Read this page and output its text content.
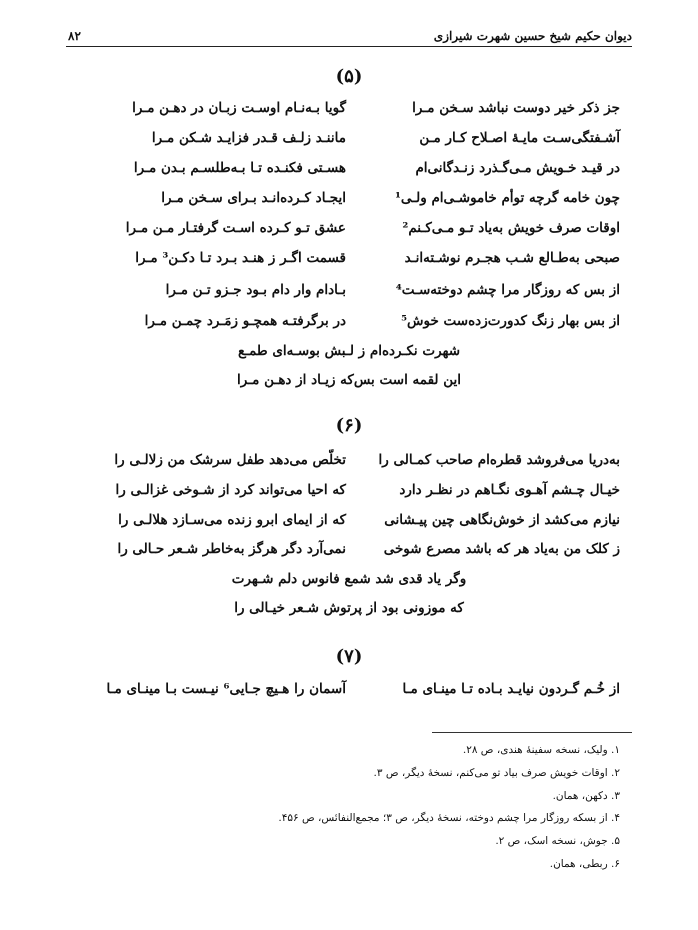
دیوان حکیم شیخ حسین شهرت شیرازی
۸۲
(۵)
جز ذکر خیر دوست نباشد سـخن مـرا
گویا بـه‌نـام اوسـت زبـان در دهـن مـرا
آشـفتگی‌سـت مایـۀ اصـلاح کـار مـن
ماننـد زلـف قـدر فزایـد شـکن مـرا
در قیـد خـویش مـی‌گـذرد زنـدگانی‌ام
هسـتی فکنـده تـا بـه‌طلسـم بـدن مـرا
چون خامه گرچه توأم خاموشـی‌ام ولـی¹
ایجـاد کـرده‌انـد بـرای سـخن مـرا
اوقات صرف خویش به‌یاد تـو مـی‌کـنم²
عشق تـو کـرده اسـت گرفتـار مـن مـرا
صبحی به‌طـالع شـب هجـرم نوشـته‌انـد
قسمت اگـر ز هنـد بـرد تـا دکـن³ مـرا
از بس که روزگار مرا چشم دوخته‌سـت⁴
بـادام وار دام بـود جـزو تـن مـرا
از بس بهار زنگ کدورت‌زده‌ست خوش⁵
در برگرفتـه همچـو زمَـرد چمـن مـرا
شهرت نکـرده‌ام ز لـبش بوسـه‌ای طمـع
این لقمه است بس‌که زیـاد از دهـن مـرا
(۶)
به‌دریا می‌فروشد قطره‌ام صاحب کمـالی را
تخلّص می‌دهد طفل سرشک من زلالـی را
خیـال چـشم آهـوی نگـاهم در نظـر دارد
که احیا می‌تواند کرد از شـوخی غزالـی را
نیازم می‌کشد از خوش‌نگاهی چین پیـشانی
که از ایمای ابرو زنده می‌سـازد هلالـی را
ز کلک من به‌یاد هر که باشد مصرع شوخی
نمی‌آرد دگر هرگز به‌خاطر شـعر حـالی را
وگر یاد قدی شد شمع فانوس دلم شـهرت
که موزونی بود از پرتوش شـعر خیـالی را
(۷)
از خُـم گـردون نیایـد بـاده تـا مینـای مـا
آسمان را هـیچ جـایی⁶ نیـست بـا مینـای مـا
۱. ولیک، نسخه سفینۀ هندی، ص ۲۸.
۲. اوقات خویش صرف بیاد تو می‌کنم، نسخۀ دیگر، ص ۳.
۳. دکهن، همان.
۴. از بسکه روزگار مرا چشم دوخته، نسخۀ دیگر، ص ۳؛ مجمع‌النفائس، ص ۴۵۶.
۵. جوش، نسخه اسک، ص ۲.
۶. ربطی، همان.
